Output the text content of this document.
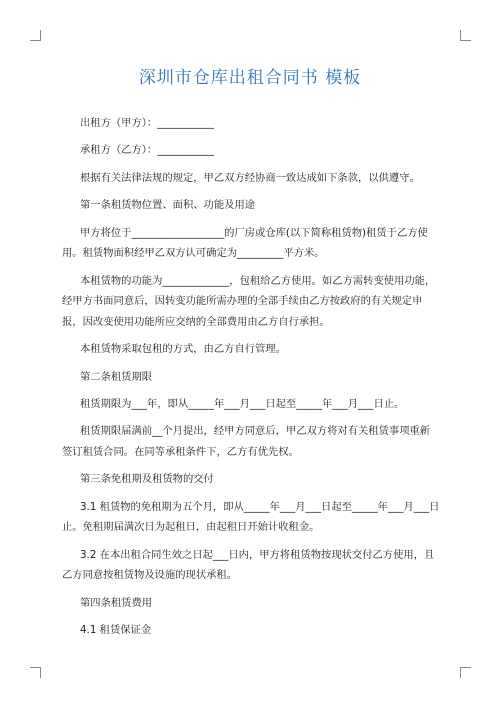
深圳市仓库出租合同书 模板

出租方（甲方）：___________

承租方（乙方）：___________

根据有关法律法规的规定，甲乙双方经协商一致达成如下条款，以供遵守。

第一条租赁物位置、面积、功能及用途

甲方将位于__________________的厂房或仓库(以下简称租赁物)租赁于乙方使用。租赁物面积经甲乙双方认可确定为_________平方米。

本租赁物的功能为_____________，包租给乙方使用。如乙方需转变使用功能，经甲方书面同意后，因转变功能所需办理的全部手续由乙方按政府的有关规定申报，因改变使用功能所应交纳的全部费用由乙方自行承担。

本租赁物采取包租的方式，由乙方自行管理。

第二条租赁期限

租赁期限为___年，即从_____年___月___日起至_____年___月___日止。

租赁期限届满前__个月提出，经甲方同意后，甲乙双方将对有关租赁事项重新签订租赁合同。在同等承租条件下，乙方有优先权。

第三条免租期及租赁物的交付

3.1 租赁物的免租期为五个月，即从_____年___月___日起至_____年___月___日止。免租期届满次日为起租日，由起租日开始计收租金。

3.2 在本出租合同生效之日起___日内，甲方将租赁物按现状交付乙方使用，且乙方同意按租赁物及设施的现状承租。

第四条租赁费用

4.1 租赁保证金
